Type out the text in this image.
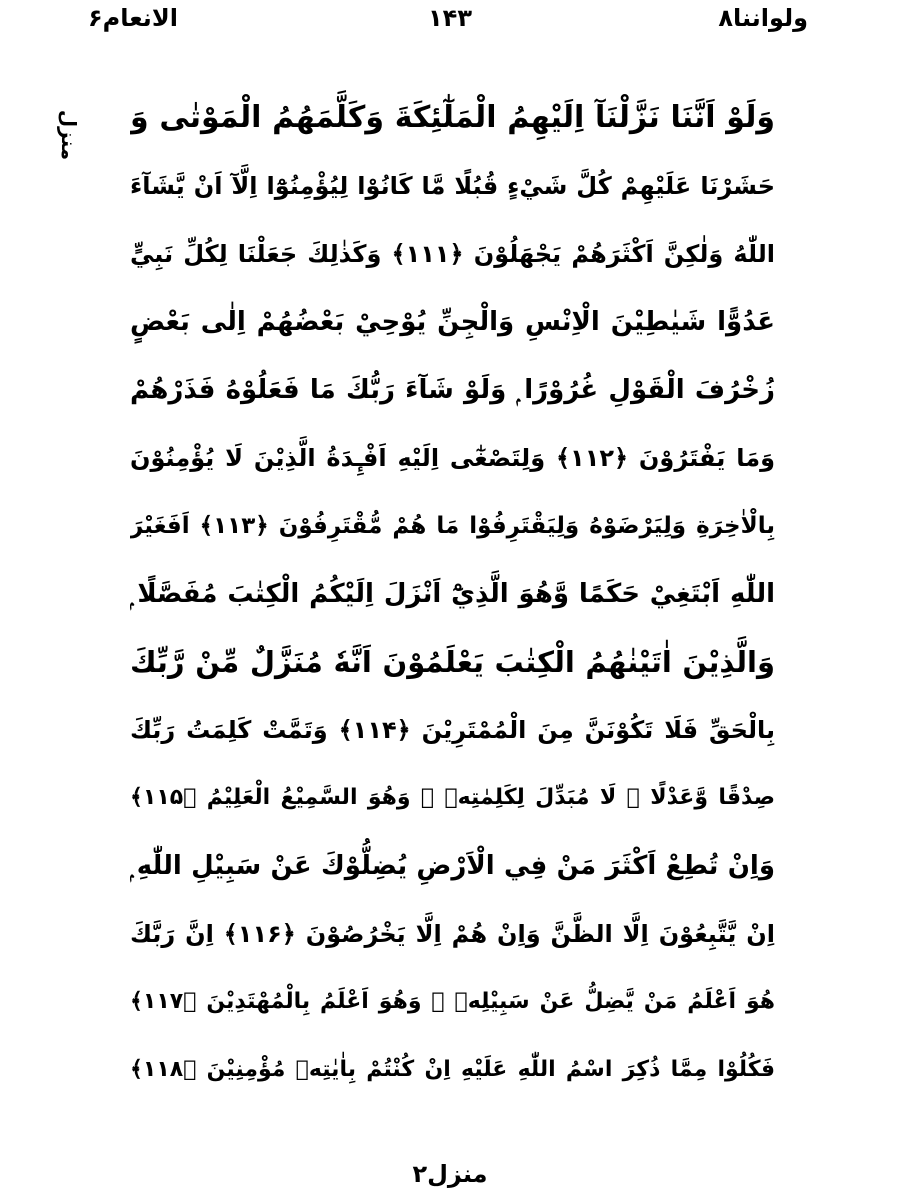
ولواننا۸
۱۴۳
الانعام۶
منزل وَلَوْ اَنَّنَا نَزَّلْنَآ اِلَيْهِمُ الْمَلٰٓئِكَةَ وَكَلَّمَهُمُ الْمَوْتٰى وَ
حَشَرْنَا عَلَيْهِمْ كُلَّ شَيْءٍ قُبُلًا مَّا كَانُوْا لِيُؤْمِنُوْٓا اِلَّآ اَنْ يَّشَآءَ
اللّٰهُ وَلٰكِنَّ اَكْثَرَهُمْ يَجْهَلُوْنَ ﴿۱۱۱﴾ وَكَذٰلِكَ جَعَلْنَا لِكُلِّ نَبِيٍّ
عَدُوًّا شَيٰطِيْنَ الْاِنْسِ وَالْجِنِّ يُوْحِيْ بَعْضُهُمْ اِلٰى بَعْضٍ
زُخْرُفَ الْقَوْلِ غُرُوْرًا ۭ وَلَوْ شَآءَ رَبُّكَ مَا فَعَلُوْهُ فَذَرْهُمْ
وَمَا يَفْتَرُوْنَ ﴿۱۱۲﴾ وَلِتَصْغٰٓى اِلَيْهِ اَفْـِٕدَةُ الَّذِيْنَ لَا يُؤْمِنُوْنَ
بِالْاٰخِرَةِ وَلِيَرْضَوْهُ وَلِيَقْتَرِفُوْا مَا هُمْ مُّقْتَرِفُوْنَ ﴿۱۱۳﴾ اَفَغَيْرَ
اللّٰهِ اَبْتَغِيْ حَكَمًا وَّهُوَ الَّذِيْٓ اَنْزَلَ اِلَيْكُمُ الْكِتٰبَ مُفَصَّلًا ۭ
وَالَّذِيْنَ اٰتَيْنٰهُمُ الْكِتٰبَ يَعْلَمُوْنَ اَنَّهٗ مُنَزَّلٌ مِّنْ رَّبِّكَ
بِالْحَقِّ فَلَا تَكُوْنَنَّ مِنَ الْمُمْتَرِيْنَ ﴿۱۱۴﴾ وَتَمَّتْ كَلِمَتُ رَبِّكَ
صِدْقًا وَّعَدْلًا ۭ لَا مُبَدِّلَ لِكَلِمٰتِهٖ ۚ وَهُوَ السَّمِيْعُ الْعَلِيْمُ ﴿۱۱۵﴾
وَاِنْ تُطِعْ اَكْثَرَ مَنْ فِي الْاَرْضِ يُضِلُّوْكَ عَنْ سَبِيْلِ اللّٰهِ ۭ
اِنْ يَّتَّبِعُوْنَ اِلَّا الظَّنَّ وَاِنْ هُمْ اِلَّا يَخْرُصُوْنَ ﴿۱۱۶﴾ اِنَّ رَبَّكَ
هُوَ اَعْلَمُ مَنْ يَّضِلُّ عَنْ سَبِيْلِهٖ ۚ وَهُوَ اَعْلَمُ بِالْمُهْتَدِيْنَ ﴿۱۱۷﴾
فَكُلُوْا مِمَّا ذُكِرَ اسْمُ اللّٰهِ عَلَيْهِ اِنْ كُنْتُمْ بِاٰيٰتِهٖ مُؤْمِنِيْنَ ﴿۱۱۸﴾
منزل۲
